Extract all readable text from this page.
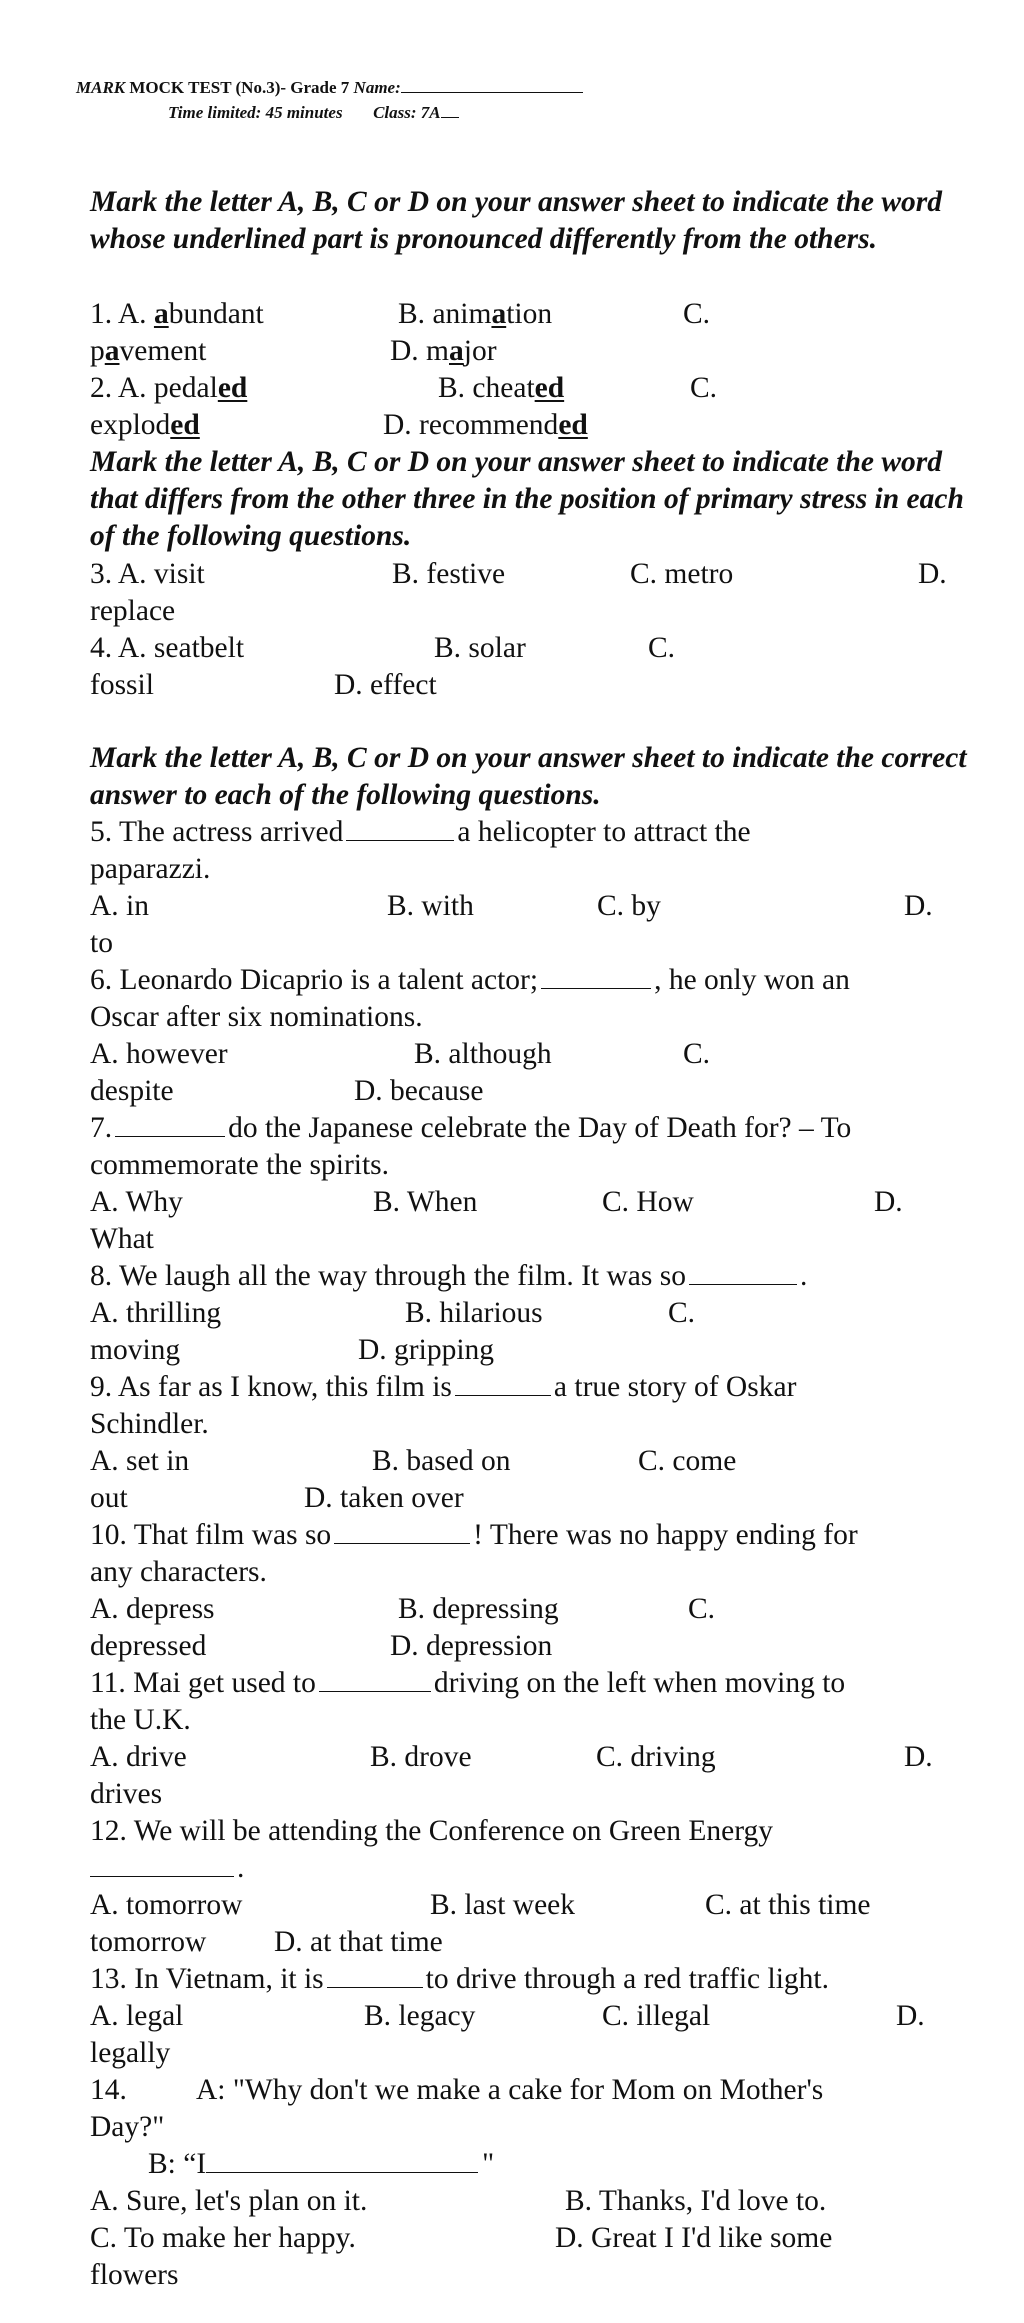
MARK MOCK TEST (No.3)- Grade 7 Name:
Time limited: 45 minutes Class: 7A
Mark the letter A, B, C or D on your answer sheet to indicate the word whose underlined part is pronounced differently from the others.
1. A. abundant	B. animation	C.
pavement	D. major
2. A. pedaled	B. cheated	C.
exploded	D. recommended
Mark the letter A, B, C or D on your answer sheet to indicate the word that differs from the other three in the position of primary stress in each of the following questions.
3. A. visit	B. festive	C. metro	D.
replace
4. A. seatbelt	B. solar	C.
fossil	D. effect
Mark the letter A, B, C or D on your answer sheet to indicate the correct answer to each of the following questions.
5. The actress arrived	a helicopter to attract the
paparazzi.
A. in	B. with	C. by	D.
to
6. Leonardo Dicaprio is a talent actor;	, he only won an
Oscar after six nominations.
A. however	B. although	C.
despite	D. because
7.	do the Japanese celebrate the Day of Death for? – To
commemorate the spirits.
A. Why	B. When	C. How	D.
What
8. We laugh all the way through the film. It was so	.
A. thrilling	B. hilarious	C.
moving	D. gripping
9. As far as I know, this film is	a true story of Oskar
Schindler.
A. set in	B. based on	C. come
out	D. taken over
10. That film was so	! There was no happy ending for
any characters.
A. depress	B. depressing	C.
depressed	D. depression
11. Mai get used to	driving on the left when moving to
the U.K.
A. drive	B. drove	C. driving	D.
drives
12. We will be attending the Conference on Green Energy
.
A. tomorrow	B. last week	C. at this time
tomorrow D. at that time
13. In Vietnam, it is	to drive through a red traffic light.
A. legal	B. legacy	C. illegal	D.
legally
14. A: "Why don't we make a cake for Mom on Mother's
Day?"
B: “I	"
A. Sure, let's plan on it.	B. Thanks, I'd love to.
C. To make her happy.	D. Great I I'd like some
flowers
